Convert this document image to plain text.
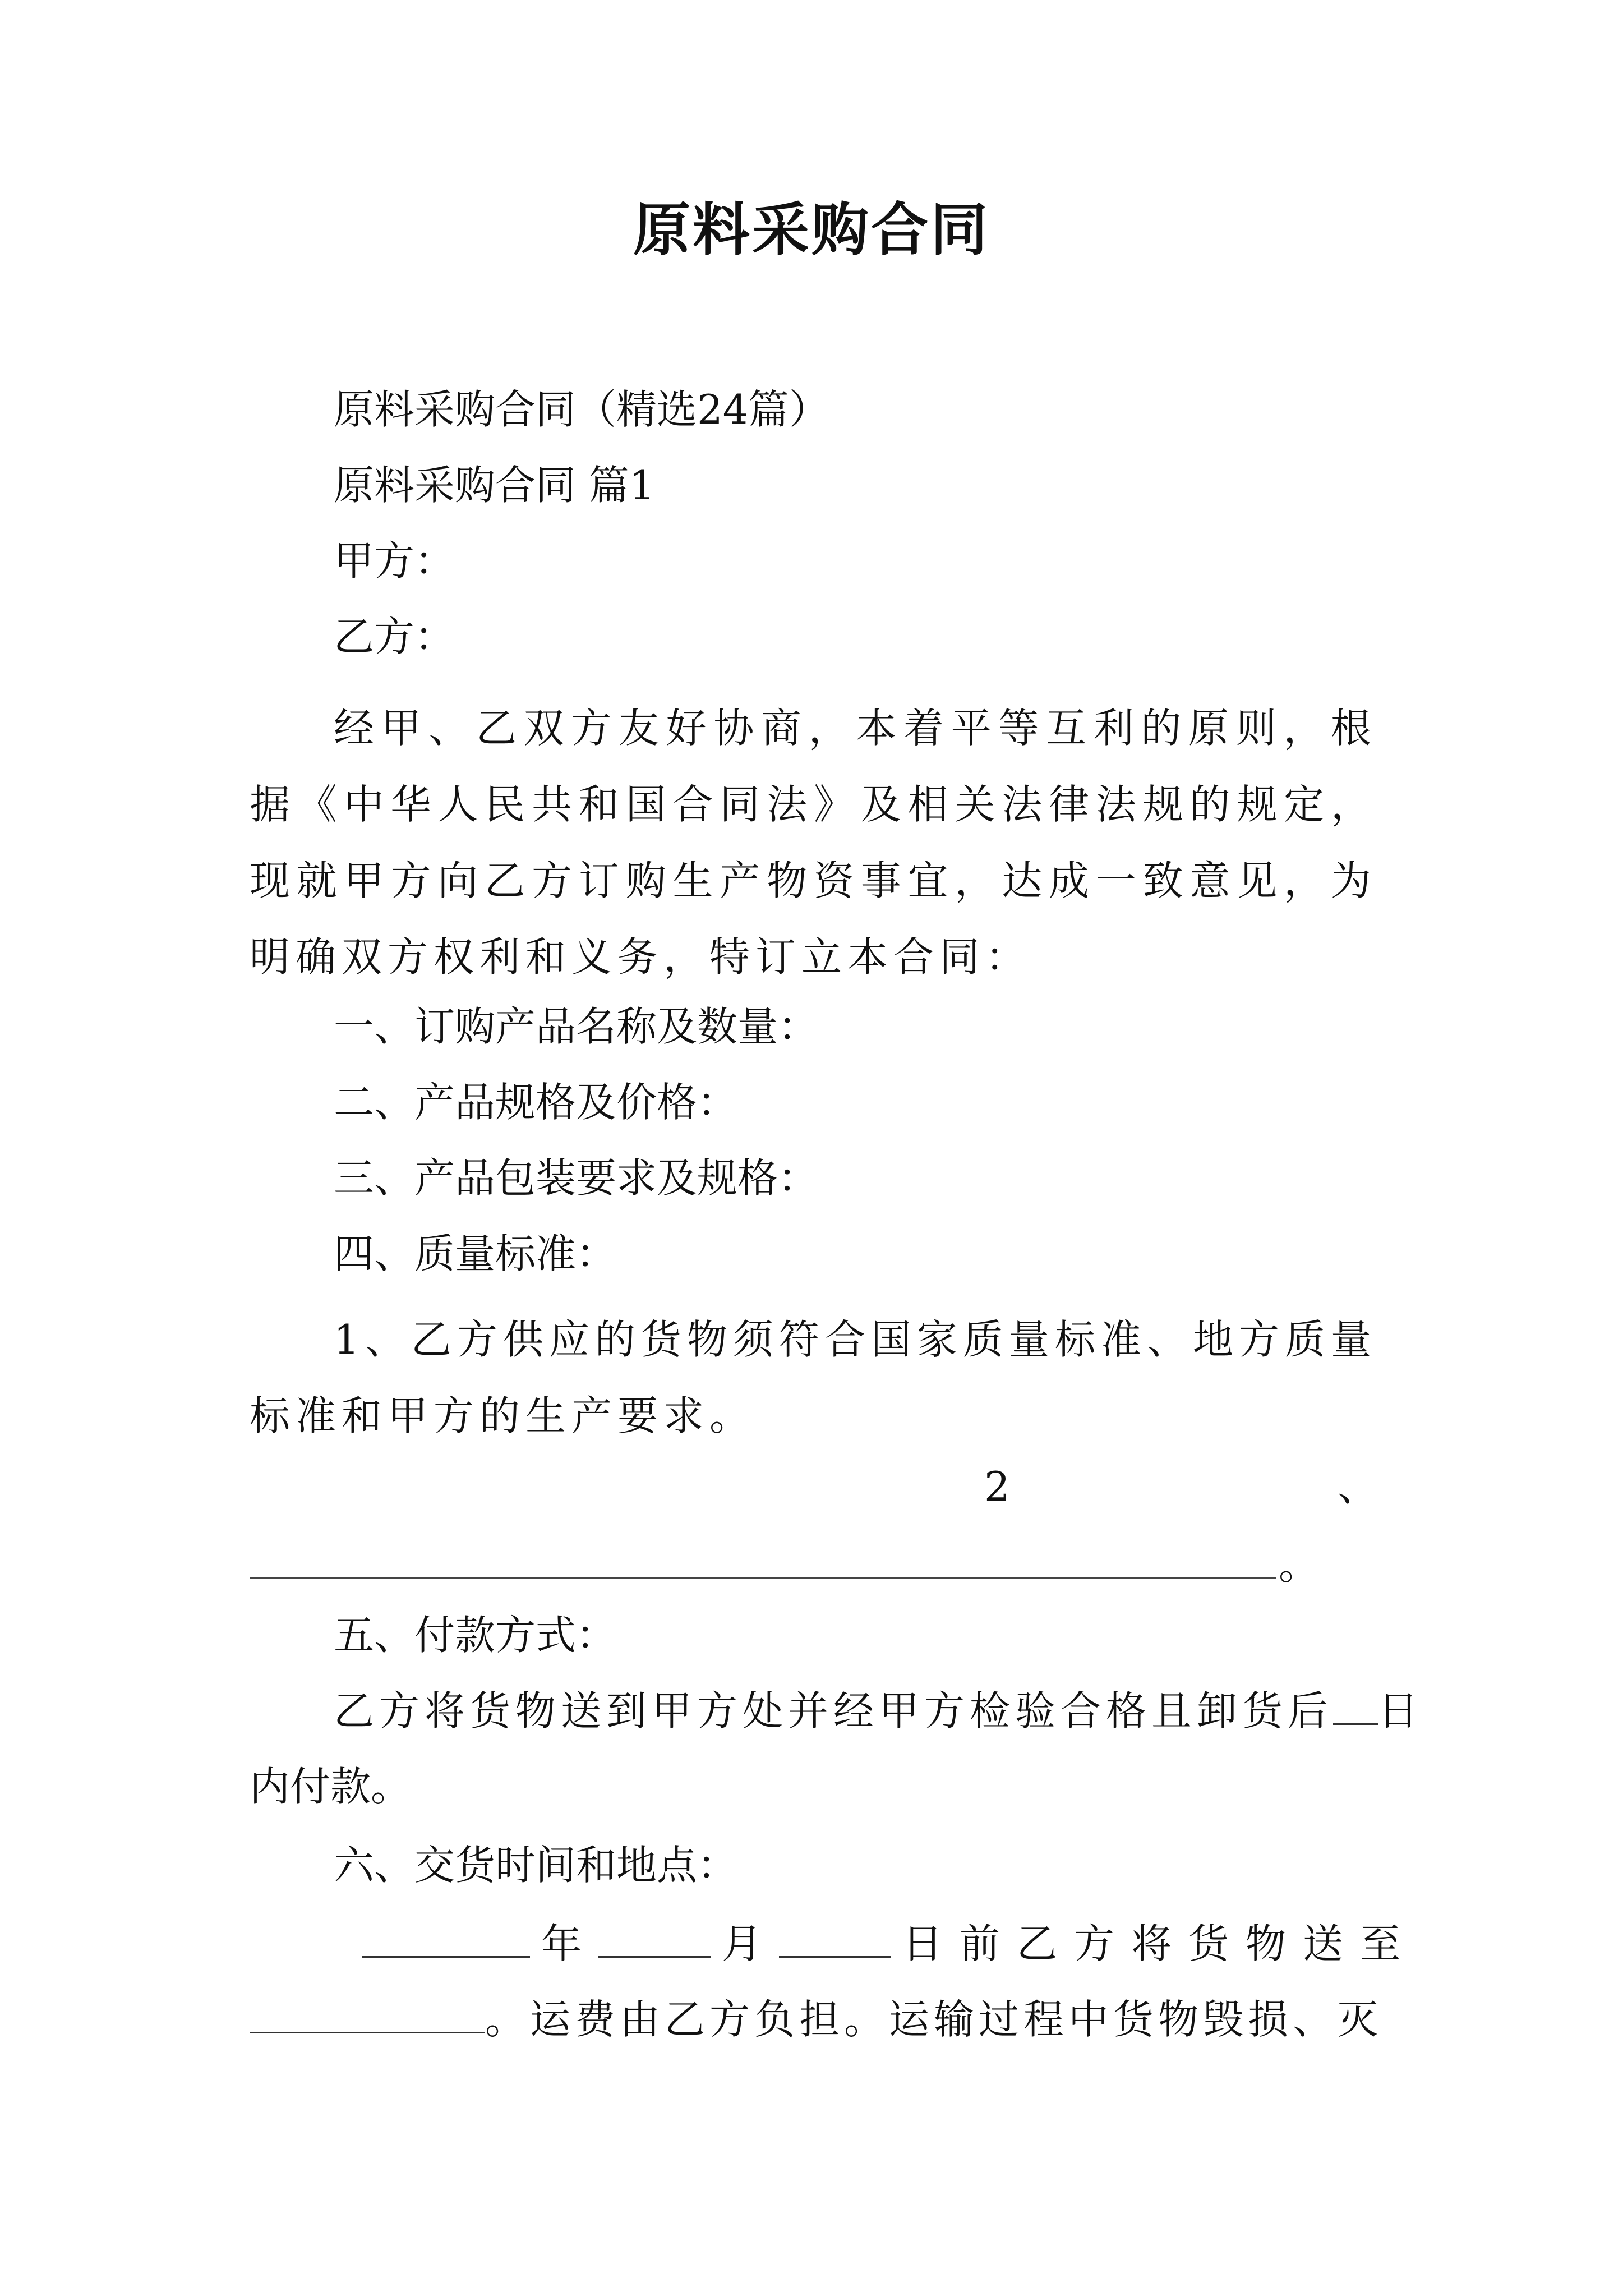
原料采购合同
原料采购合同（精选24篇）
原料采购合同 篇1
甲方：
乙方：
经甲、乙双方友好协商，本着平等互利的原则，根据《中华人民共和国合同法》及相关法律法规的规定，现就甲方向乙方订购生产物资事宜，达成一致意见，为明确双方权利和义务，特订立本合同：
一、订购产品名称及数量：
二、产品规格及价格：
三、产品包装要求及规格：
四、质量标准：
1、乙方供应的货物须符合国家质量标准、地方质量标准和甲方的生产要求。
2	、
。
五、付款方式：
乙方将货物送到甲方处并经甲方检验合格且卸货后 日
内付款。
六、交货时间和地点：
年	月	日前乙方将货物送至
。运费由乙方负担。运输过程中货物毁损、灭
